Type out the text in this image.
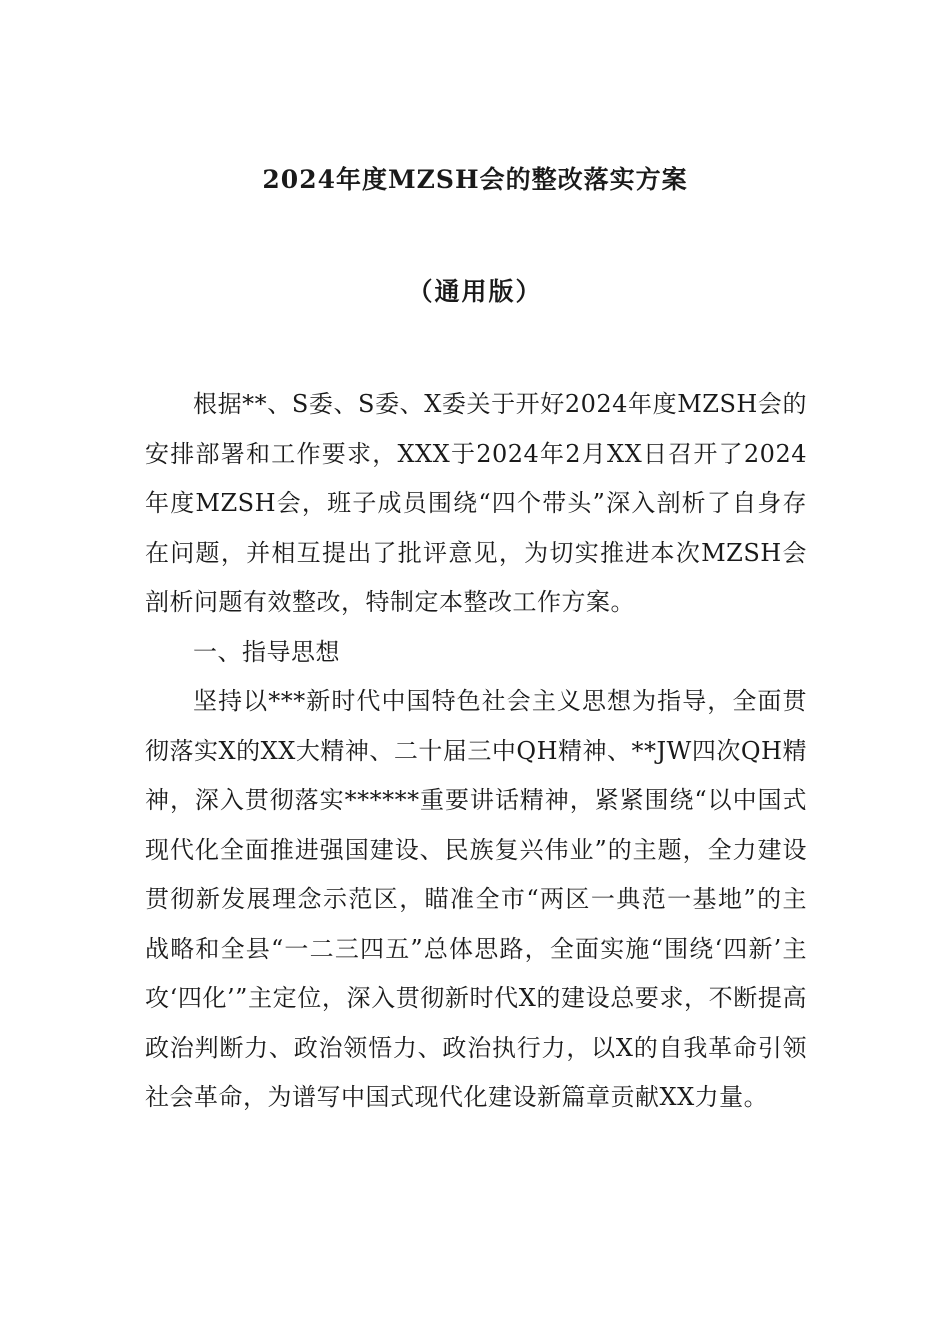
2024年度MZSH会的整改落实方案
（通用版）

根据**、S委、S委、X委关于开好2024年度MZSH会的安排部署和工作要求，XXX于2024年2月XX日召开了2024年度MZSH会，班子成员围绕“四个带头”深入剖析了自身存在问题，并相互提出了批评意见，为切实推进本次MZSH会剖析问题有效整改，特制定本整改工作方案。

一、指导思想

坚持以***新时代中国特色社会主义思想为指导，全面贯彻落实X的XX大精神、二十届三中QH精神、**JW四次QH精神，深入贯彻落实******重要讲话精神，紧紧围绕“以中国式现代化全面推进强国建设、民族复兴伟业”的主题，全力建设贯彻新发展理念示范区，瞄准全市“两区一典范一基地”的主战略和全县“一二三四五”总体思路，全面实施“围绕‘四新’主攻‘四化’”主定位，深入贯彻新时代X的建设总要求，不断提高政治判断力、政治领悟力、政治执行力，以X的自我革命引领社会革命，为谱写中国式现代化建设新篇章贡献XX力量。
